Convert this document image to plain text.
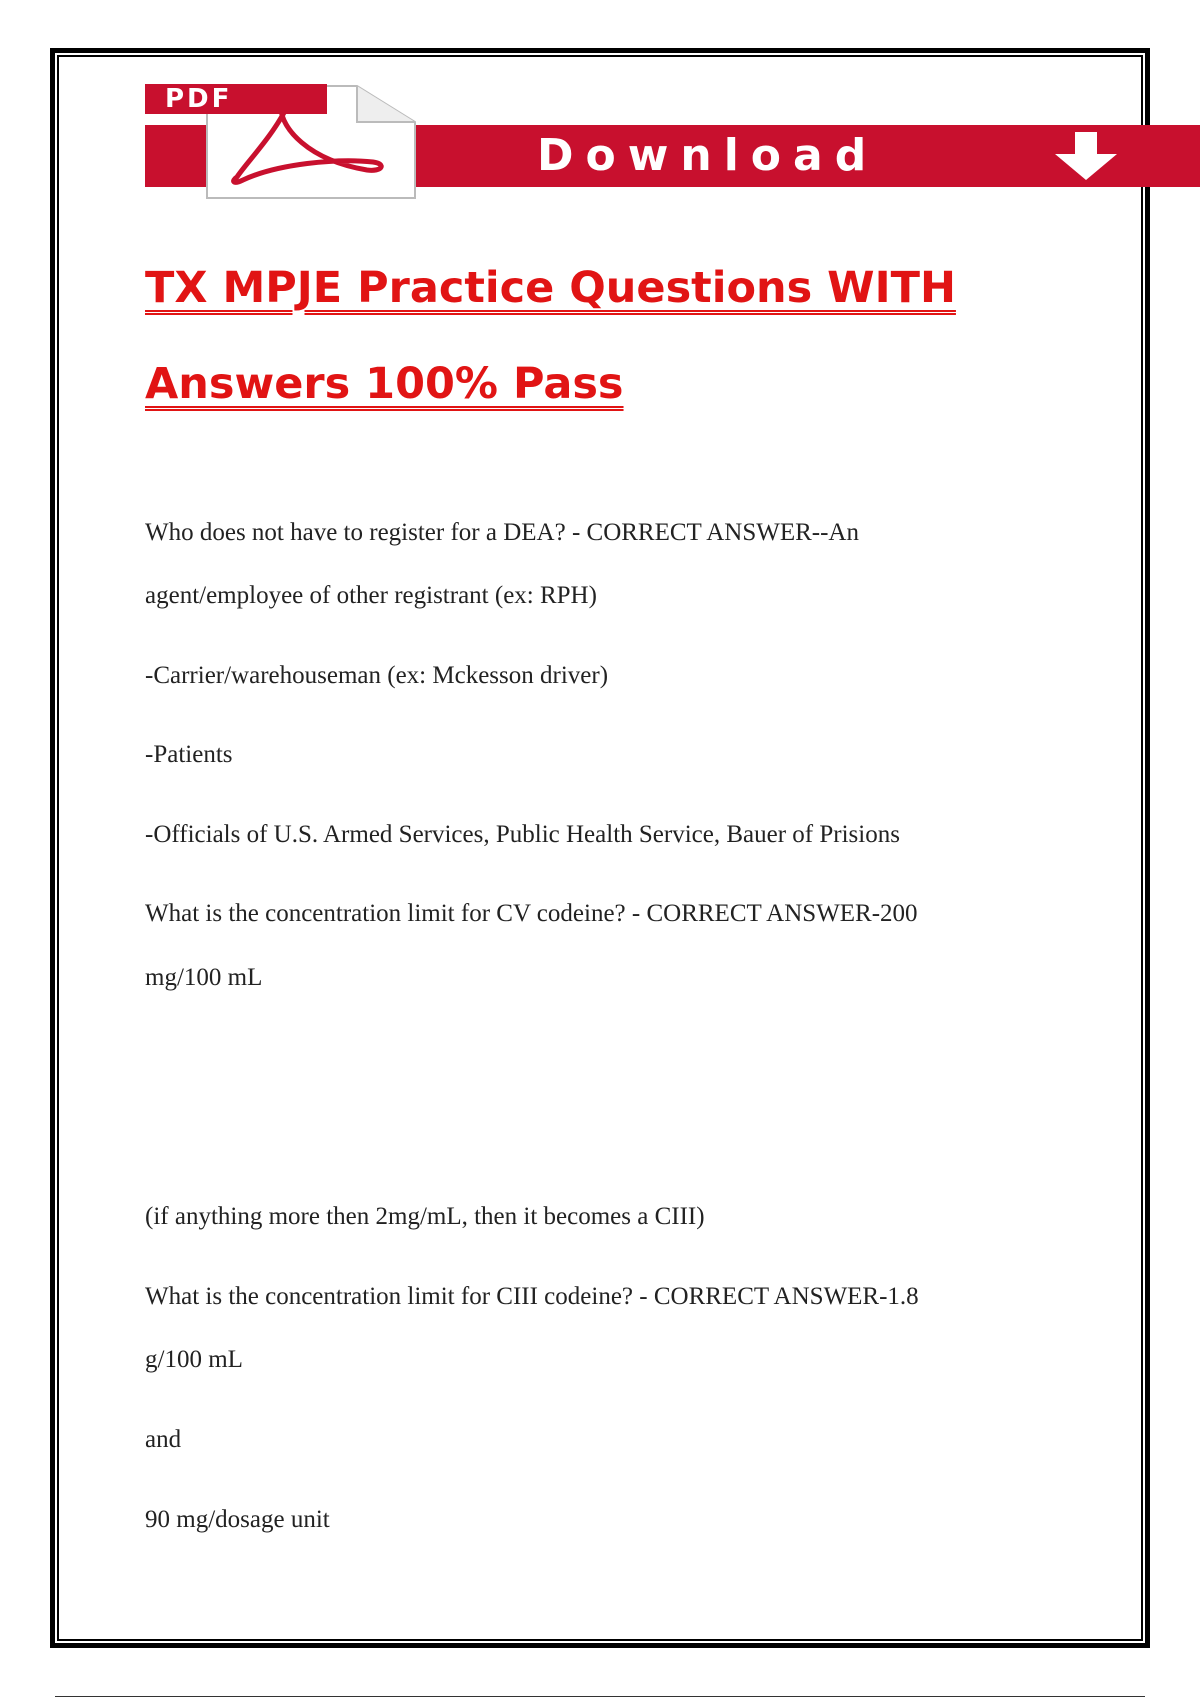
PDF
Download
TX MPJE Practice Questions WITH
Answers 100% Pass
Who does not have to register for a DEA? - CORRECT ANSWER--An
agent/employee of other registrant (ex: RPH)
-Carrier/warehouseman (ex: Mckesson driver)
-Patients
-Officials of U.S. Armed Services, Public Health Service, Bauer of Prisions
What is the concentration limit for CV codeine? - CORRECT ANSWER-200
mg/100 mL
(if anything more then 2mg/mL, then it becomes a CIII)
What is the concentration limit for CIII codeine? - CORRECT ANSWER-1.8
g/100 mL
and
90 mg/dosage unit
